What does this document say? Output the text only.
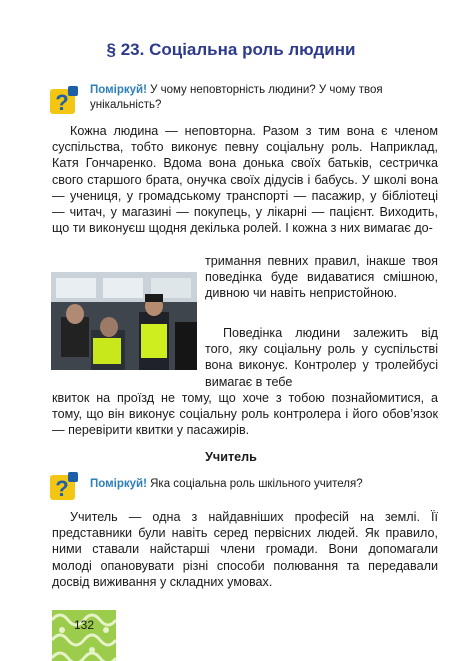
§ 23. Соціальна роль людини
? Поміркуй! У чому неповторність людини? У чому твоя унікальність?

Кожна людина — неповторна. Разом з тим вона є членом суспільства, тобто виконує певну соціальну роль. Наприклад, Катя Гончаренко. Вдома вона донька своїх батьків, сестричка свого старшого брата, онучка своїх дідусів і бабусь. У школі вона — учениця, у громадському транспорті — пасажир, у бібліотеці — читач, у магазині — покупець, у лікарні — пацієнт. Виходить, що ти виконуєш щодня декілька ролей. І кожна з них вимагає до-

тримання певних правил, інакше твоя поведінка буде видаватися смішною, дивною чи навіть непристойною.

Поведінка людини залежить від того, яку соціальну роль у суспільстві вона виконує. Контролер у тролейбусі вимагає в тебе

квиток на проїзд не тому, що хоче з тобою познайомитися, а тому, що він виконує соціальну роль контролера і його обов’язок — перевірити квитки у пасажирів.

Учитель
? Поміркуй! Яка соціальна роль шкільного учителя?

Учитель — одна з найдавніших професій на землі. Її представники були навіть серед первісних людей. Як правило, ними ставали найстарші члени громади. Вони допомагали молоді опановувати різні способи полювання та передавали досвід виживання у складних умовах.

132
